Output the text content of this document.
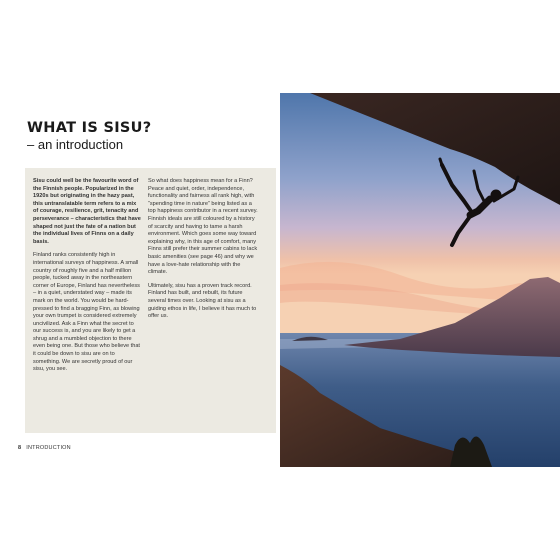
WHAT IS SISU?
– an introduction

Sisu could well be the favourite word of the Finnish people. Popularized in the 1920s but originating in the hazy past, this untranslatable term refers to a mix of courage, resilience, grit, tenacity and perseverance – characteristics that have shaped not just the fate of a nation but the individual lives of Finns on a daily basis.

Finland ranks consistently high in international surveys of happiness. A small country of roughly five and a half million people, tucked away in the northeastern corner of Europe, Finland has nevertheless – in a quiet, understated way – made its mark on the world. You would be hard-pressed to find a bragging Finn, as blowing your own trumpet is considered extremely uncivilized. Ask a Finn what the secret to our success is, and you are likely to get a shrug and a mumbled objection to there even being one. But those who believe that it could be down to sisu are on to something. We are secretly proud of our sisu, you see.

So what does happiness mean for a Finn? Peace and quiet, order, independence, functionality and fairness all rank high, with “spending time in nature” being listed as a top happiness contributor in a recent survey. Finnish ideals are still coloured by a history of scarcity and having to tame a harsh environment. Which goes some way toward explaining why, in this age of comfort, many Finns still prefer their summer cabins to lack basic amenities (see page 46) and why we have a love-hate relationship with the climate.

Ultimately, sisu has a proven track record. Finland has built, and rebuilt, its future several times over. Looking at sisu as a guiding ethos in life, I believe it has much to offer us.

8 INTRODUCTION
